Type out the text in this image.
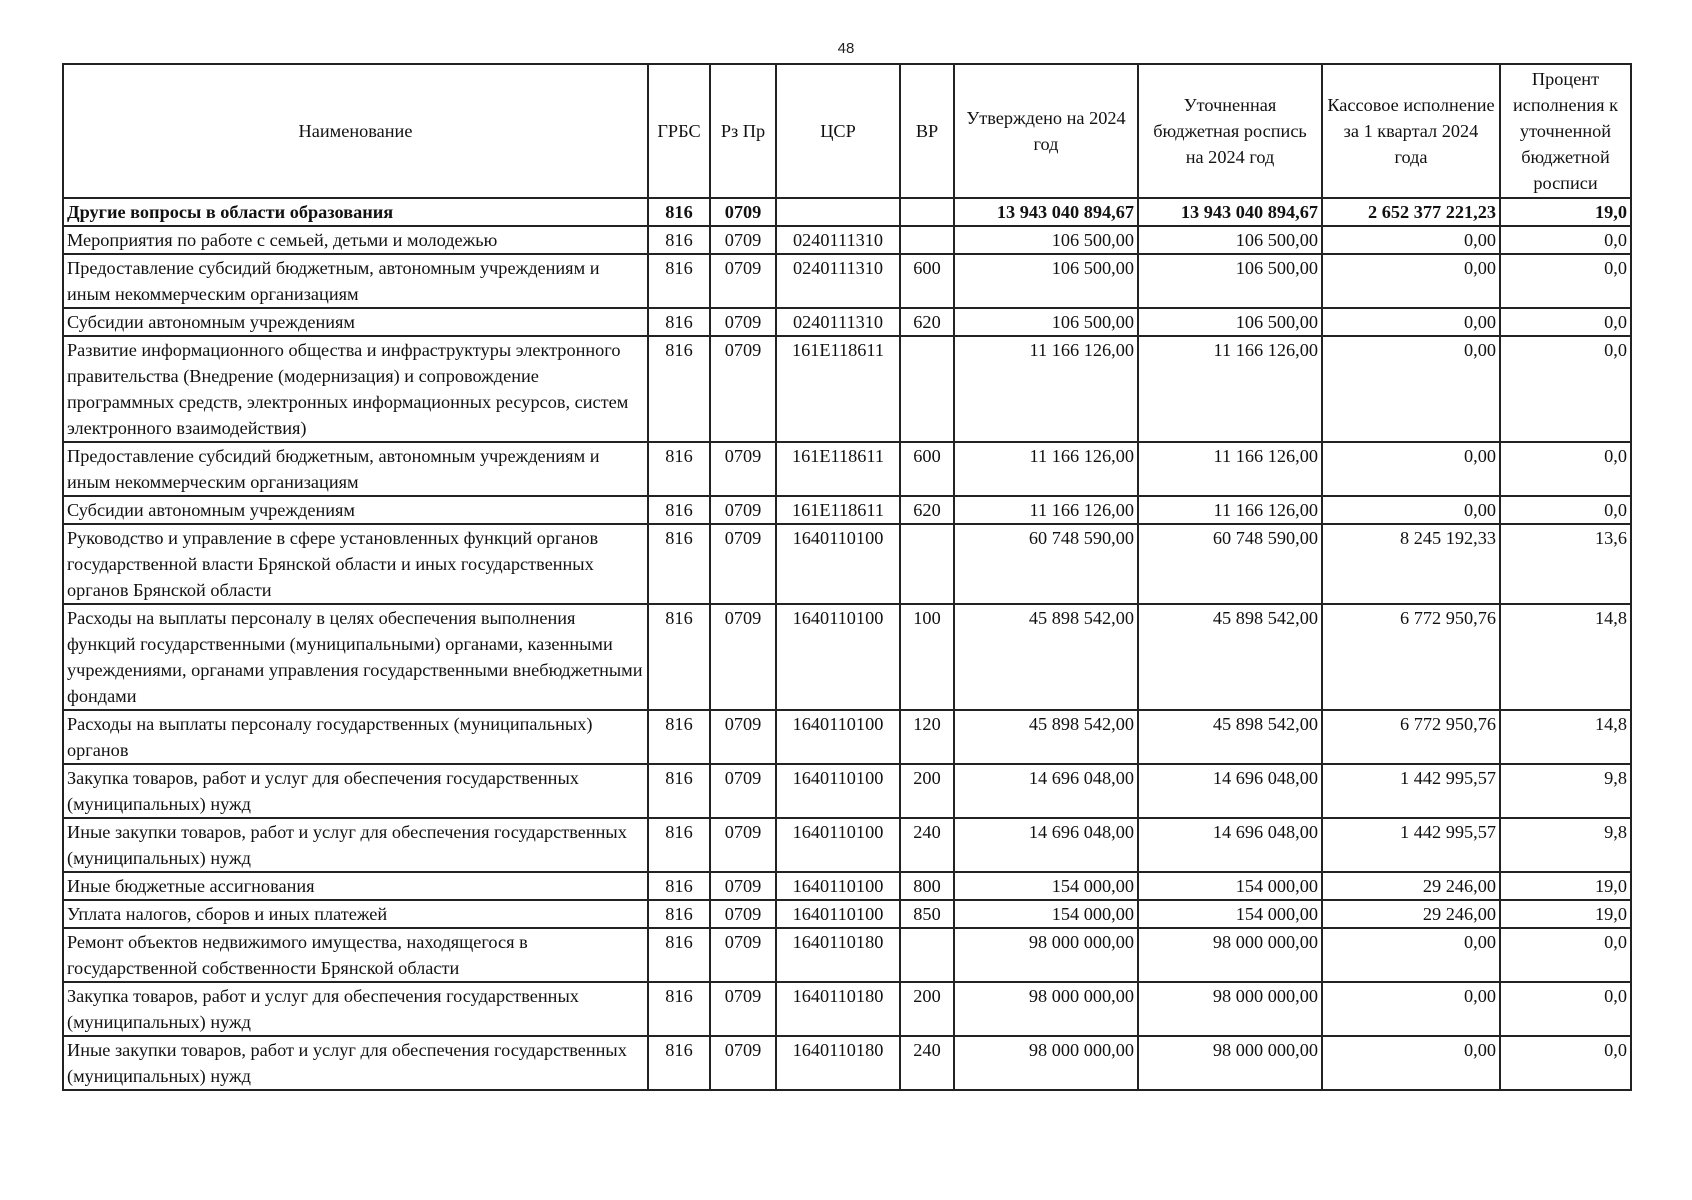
48
Наименование	ГРБС	Рз Пр	ЦСР	ВР	Утверждено на 2024 год	Уточненная бюджетная роспись на 2024 год	Кассовое исполнение за 1 квартал 2024 года	Процент исполнения к уточненной бюджетной росписи
Другие вопросы в области образования	816	0709			13 943 040 894,67	13 943 040 894,67	2 652 377 221,23	19,0
Мероприятия по работе с семьей, детьми и молодежью	816	0709	0240111310		106 500,00	106 500,00	0,00	0,0
Предоставление субсидий бюджетным, автономным учреждениям и иным некоммерческим организациям	816	0709	0240111310	600	106 500,00	106 500,00	0,00	0,0
Субсидии автономным учреждениям	816	0709	0240111310	620	106 500,00	106 500,00	0,00	0,0
Развитие информационного общества и инфраструктуры электронного правительства (Внедрение (модернизация) и сопровождение программных средств, электронных информационных ресурсов, систем электронного взаимодействия)	816	0709	161E118611		11 166 126,00	11 166 126,00	0,00	0,0
Предоставление субсидий бюджетным, автономным учреждениям и иным некоммерческим организациям	816	0709	161E118611	600	11 166 126,00	11 166 126,00	0,00	0,0
Субсидии автономным учреждениям	816	0709	161E118611	620	11 166 126,00	11 166 126,00	0,00	0,0
Руководство и управление в сфере установленных функций органов государственной власти Брянской области и иных государственных органов Брянской области	816	0709	1640110100		60 748 590,00	60 748 590,00	8 245 192,33	13,6
Расходы на выплаты персоналу в целях обеспечения выполнения функций государственными (муниципальными) органами, казенными учреждениями, органами управления государственными внебюджетными фондами	816	0709	1640110100	100	45 898 542,00	45 898 542,00	6 772 950,76	14,8
Расходы на выплаты персоналу государственных (муниципальных) органов	816	0709	1640110100	120	45 898 542,00	45 898 542,00	6 772 950,76	14,8
Закупка товаров, работ и услуг для обеспечения государственных (муниципальных) нужд	816	0709	1640110100	200	14 696 048,00	14 696 048,00	1 442 995,57	9,8
Иные закупки товаров, работ и услуг для обеспечения государственных (муниципальных) нужд	816	0709	1640110100	240	14 696 048,00	14 696 048,00	1 442 995,57	9,8
Иные бюджетные ассигнования	816	0709	1640110100	800	154 000,00	154 000,00	29 246,00	19,0
Уплата налогов, сборов и иных платежей	816	0709	1640110100	850	154 000,00	154 000,00	29 246,00	19,0
Ремонт объектов недвижимого имущества, находящегося в государственной собственности Брянской области	816	0709	1640110180		98 000 000,00	98 000 000,00	0,00	0,0
Закупка товаров, работ и услуг для обеспечения государственных (муниципальных) нужд	816	0709	1640110180	200	98 000 000,00	98 000 000,00	0,00	0,0
Иные закупки товаров, работ и услуг для обеспечения государственных (муниципальных) нужд	816	0709	1640110180	240	98 000 000,00	98 000 000,00	0,00	0,0
